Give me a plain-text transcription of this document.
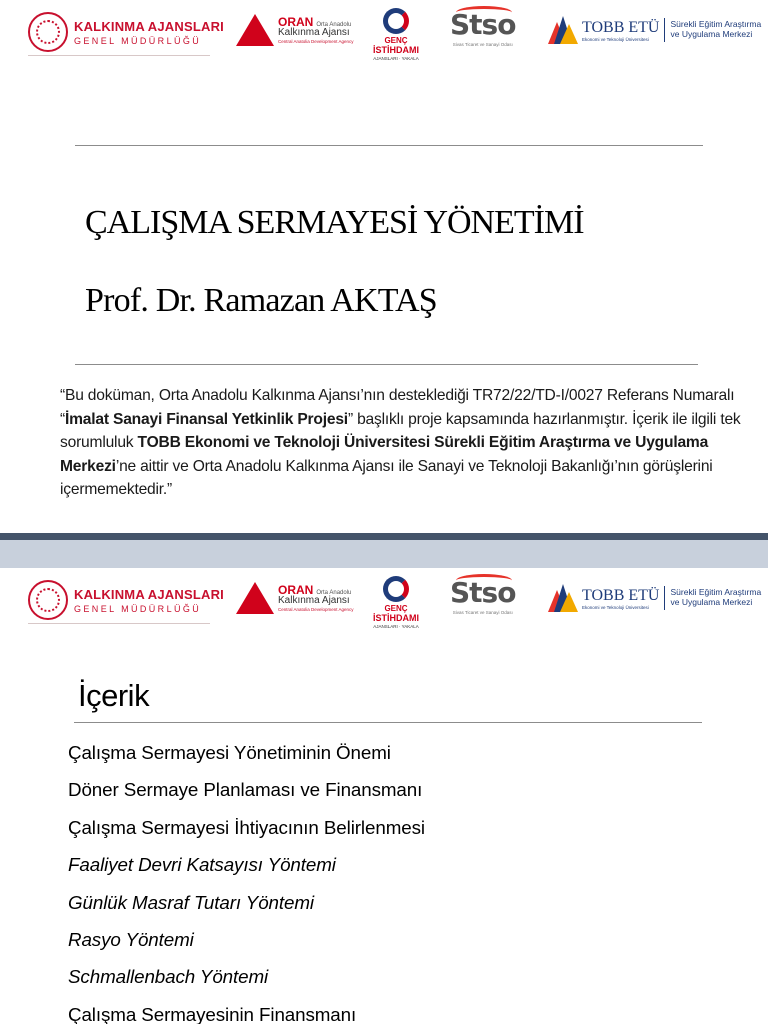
KALKINMA AJANSLARI
GENEL MÜDÜRLÜĞÜ
ORAN Orta Anadolu
Kalkınma Ajansı
Central Anatolia Development Agency	GENÇ
İSTİHDAMI
AJANSLARI · YAKALA
Stso
Sivas Ticaret ve Sanayi Odası
TOBB ETÜ
Ekonomi ve Teknoloji Üniversitesi
Sürekli Eğitim Araştırma
ve Uygulama Merkezi
ÇALIŞMA SERMAYESİ YÖNETİMİ
Prof. Dr. Ramazan AKTAŞ
“Bu doküman, Orta Anadolu Kalkınma Ajansı’nın desteklediği TR72/22/TD-I/0027 Referans Numaralı “İmalat Sanayi Finansal Yetkinlik Projesi” başlıklı proje kapsamında hazırlanmıştır. İçerik ile ilgili tek sorumluluk TOBB Ekonomi ve Teknoloji Üniversitesi Sürekli Eğitim Araştırma ve Uygulama Merkezi’ne aittir ve Orta Anadolu Kalkınma Ajansı ile Sanayi ve Teknoloji Bakanlığı’nın görüşlerini içermemektedir.”
KALKINMA AJANSLARI
GENEL MÜDÜRLÜĞÜ
ORAN Orta Anadolu
Kalkınma Ajansı
Central Anatolia Development Agency	GENÇ
İSTİHDAMI
AJANSLARI · YAKALA
Stso
Sivas Ticaret ve Sanayi Odası
TOBB ETÜ
Ekonomi ve Teknoloji Üniversitesi
Sürekli Eğitim Araştırma
ve Uygulama Merkezi
İçerik
Çalışma Sermayesi Yönetiminin Önemi
Döner Sermaye Planlaması ve Finansmanı
Çalışma Sermayesi İhtiyacının Belirlenmesi
Faaliyet Devri Katsayısı Yöntemi
Günlük Masraf Tutarı Yöntemi
Rasyo Yöntemi
Schmallenbach Yöntemi
Çalışma Sermayesinin Finansmanı
